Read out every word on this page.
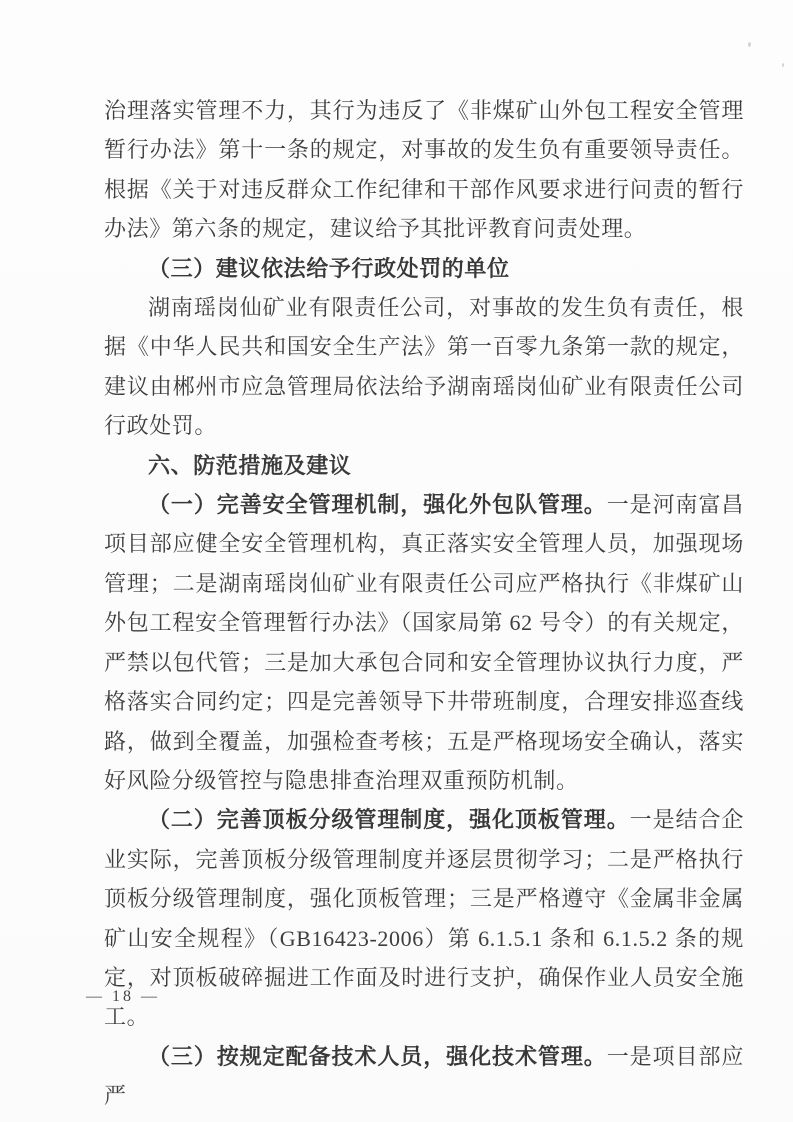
治理落实管理不力，其行为违反了《非煤矿山外包工程安全管理暂行办法》第十一条的规定，对事故的发生负有重要领导责任。根据《关于对违反群众工作纪律和干部作风要求进行问责的暂行办法》第六条的规定，建议给予其批评教育问责处理。

（三）建议依法给予行政处罚的单位

湖南瑶岗仙矿业有限责任公司，对事故的发生负有责任，根据《中华人民共和国安全生产法》第一百零九条第一款的规定，建议由郴州市应急管理局依法给予湖南瑶岗仙矿业有限责任公司行政处罚。

六、防范措施及建议

（一）完善安全管理机制，强化外包队管理。一是河南富昌项目部应健全安全管理机构，真正落实安全管理人员，加强现场管理；二是湖南瑶岗仙矿业有限责任公司应严格执行《非煤矿山外包工程安全管理暂行办法》（国家局第 62 号令）的有关规定，严禁以包代管；三是加大承包合同和安全管理协议执行力度，严格落实合同约定；四是完善领导下井带班制度，合理安排巡查线路，做到全覆盖，加强检查考核；五是严格现场安全确认，落实好风险分级管控与隐患排查治理双重预防机制。

（二）完善顶板分级管理制度，强化顶板管理。一是结合企业实际，完善顶板分级管理制度并逐层贯彻学习；二是严格执行顶板分级管理制度，强化顶板管理；三是严格遵守《金属非金属矿山安全规程》（GB16423-2006）第 6.1.5.1 条和 6.1.5.2 条的规定，对顶板破碎掘进工作面及时进行支护，确保作业人员安全施工。

（三）按规定配备技术人员，强化技术管理。一是项目部应严

— 18 —
